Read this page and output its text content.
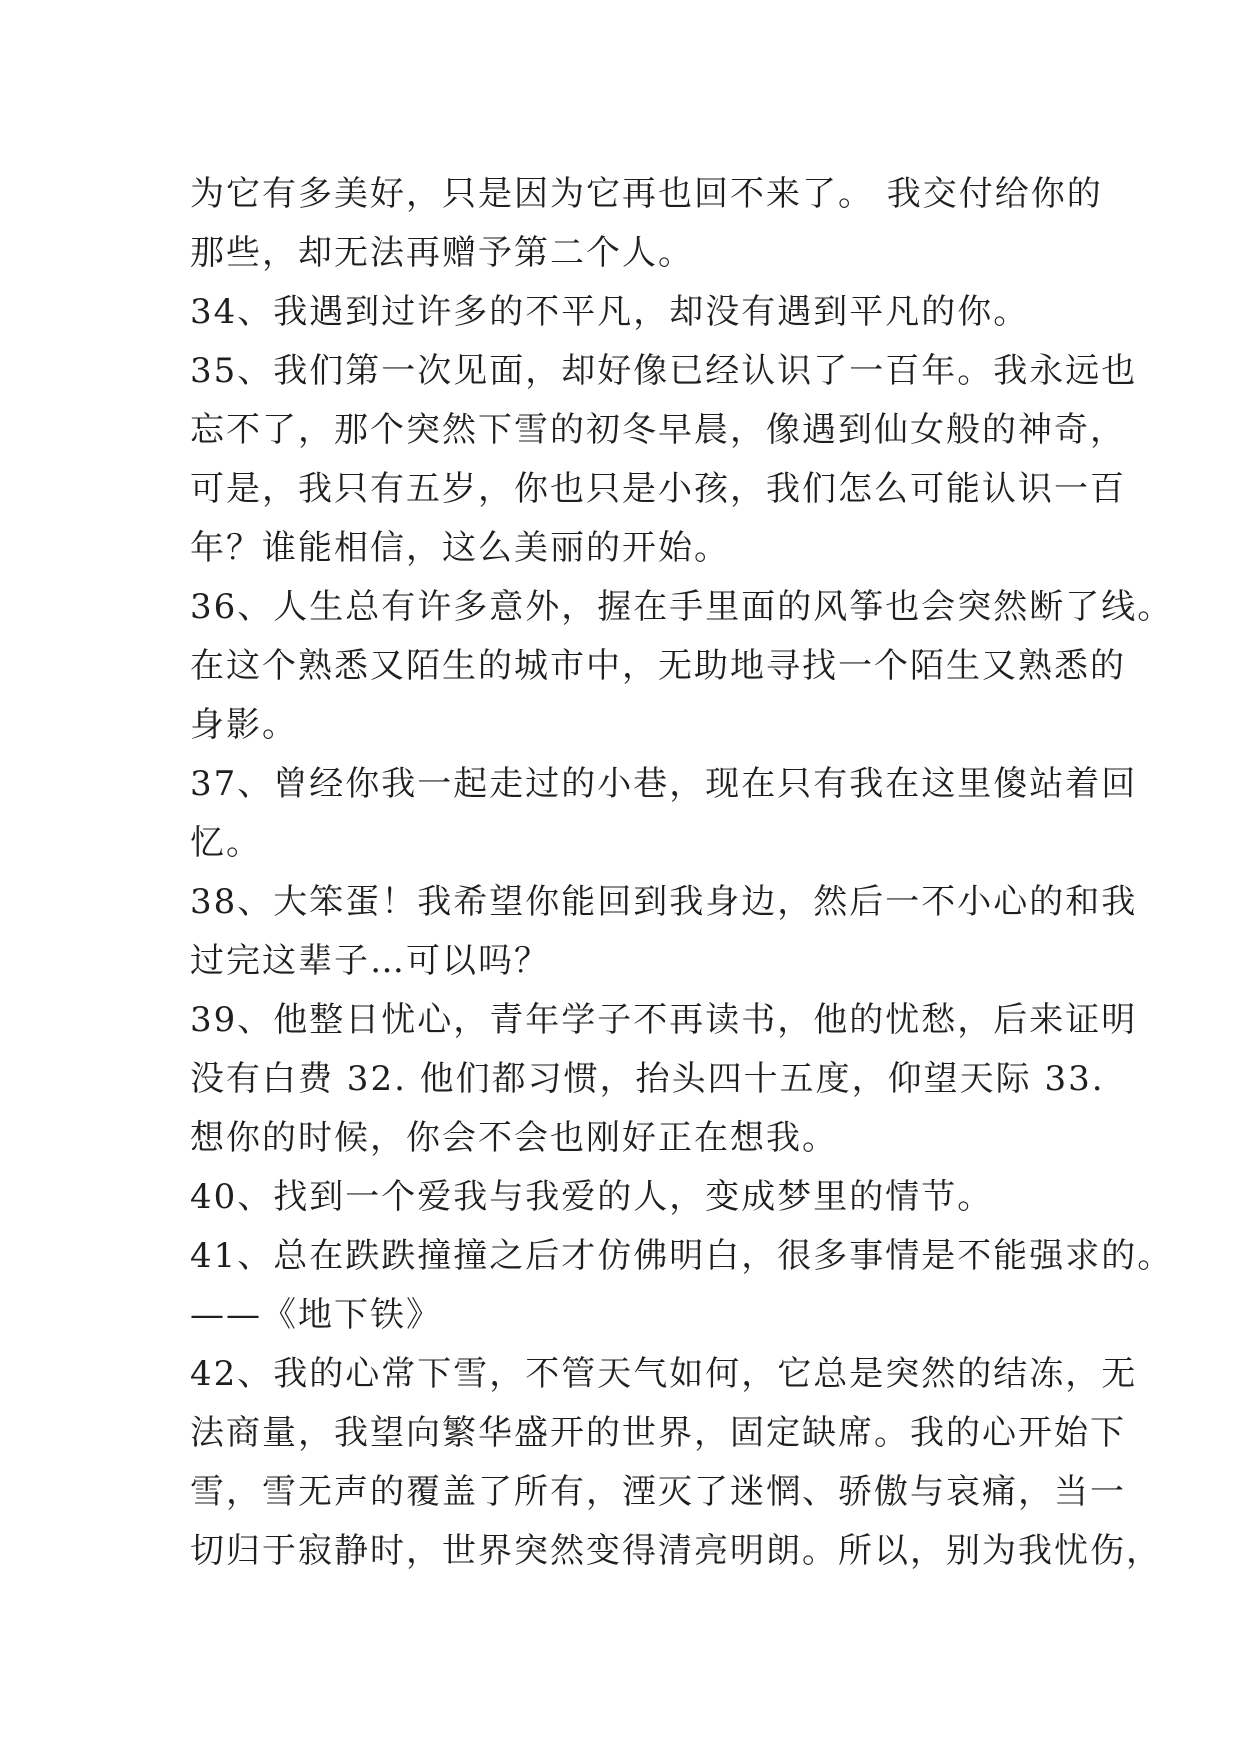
为它有多美好，只是因为它再也回不来了。 我交付给你的
那些，却无法再赠予第二个人。
34、我遇到过许多的不平凡，却没有遇到平凡的你。
35、我们第一次见面，却好像已经认识了一百年。我永远也
忘不了，那个突然下雪的初冬早晨，像遇到仙女般的神奇，
可是，我只有五岁，你也只是小孩，我们怎么可能认识一百
年？谁能相信，这么美丽的开始。
36、人生总有许多意外，握在手里面的风筝也会突然断了线。
在这个熟悉又陌生的城市中，无助地寻找一个陌生又熟悉的
身影。
37、曾经你我一起走过的小巷，现在只有我在这里傻站着回
忆。
38、大笨蛋！我希望你能回到我身边，然后一不小心的和我
过完这辈子…可以吗？
39、他整日忧心，青年学子不再读书，他的忧愁，后来证明
没有白费 32. 他们都习惯，抬头四十五度，仰望天际 33.
想你的时候，你会不会也刚好正在想我。
40、找到一个爱我与我爱的人，变成梦里的情节。
41、总在跌跌撞撞之后才仿佛明白，很多事情是不能强求的。
——《地下铁》
42、我的心常下雪，不管天气如何，它总是突然的结冻，无
法商量，我望向繁华盛开的世界，固定缺席。我的心开始下
雪，雪无声的覆盖了所有，湮灭了迷惘、骄傲与哀痛，当一
切归于寂静时，世界突然变得清亮明朗。所以，别为我忧伤，
